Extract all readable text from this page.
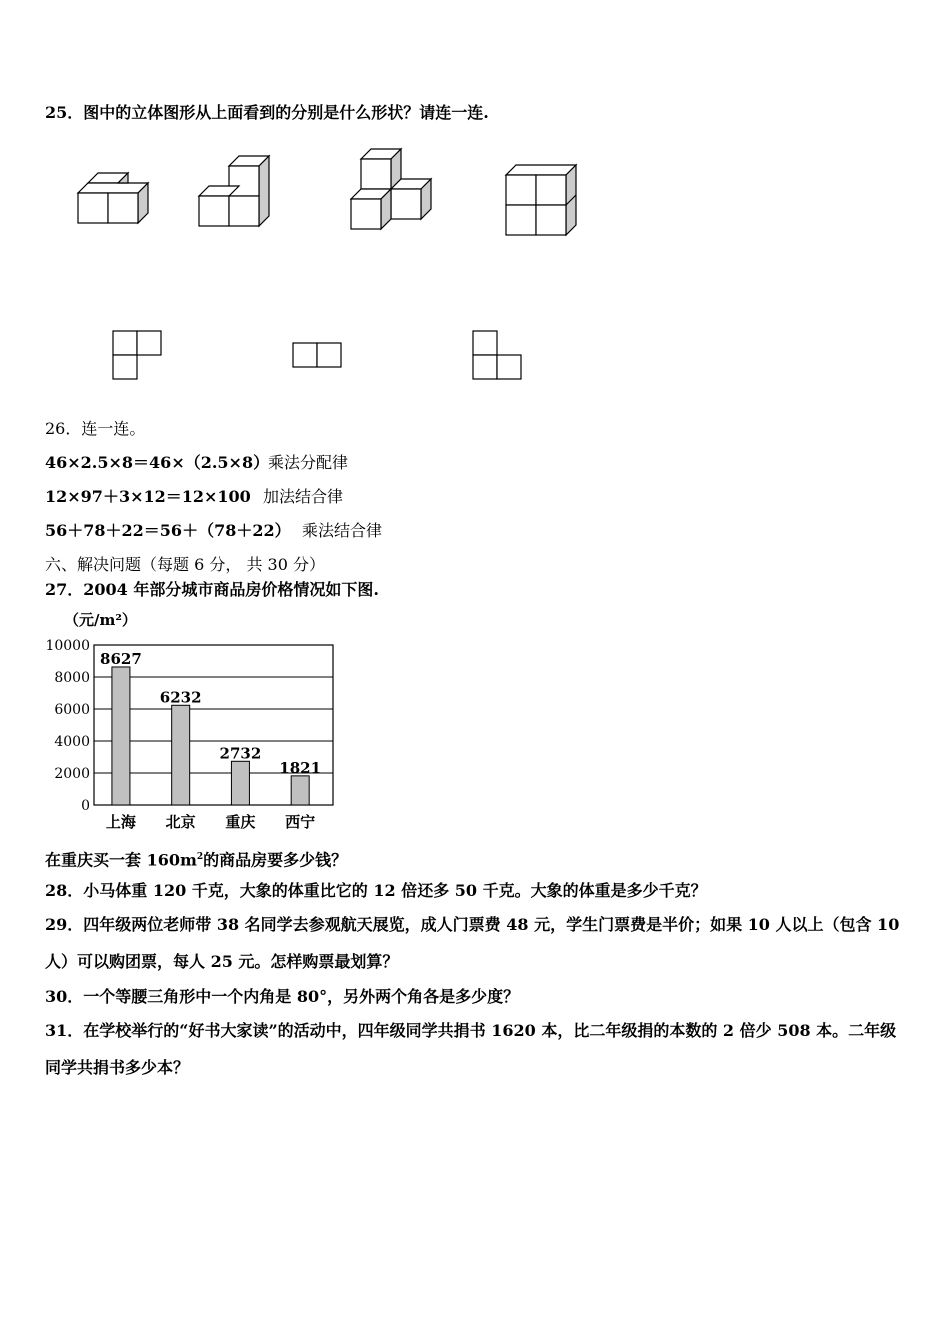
25．图中的立体图形从上面看到的分别是什么形状？请连一连.
26．连一连。
46×2.5×8＝46×（2.5×8）
乘法分配律
12×97＋3×12＝12×100 加法结合律
56＋78＋22＝56＋（78＋22） 乘法结合律
六、解决问题（每题 6 分， 共 30 分）
27．2004 年部分城市商品房价格情况如下图.
（元/m²）
0
2000
4000
6000
8000
10000
8627
上海
6232
北京
2732
重庆
1821
西宁
在重庆买一套 $160m^2$的商品房要多少钱？
28．小马体重 120 千克，大象的体重比它的 12 倍还多 50 千克。大象的体重是多少千克？
29．四年级两位老师带 38 名同学去参观航天展览，成人门票费 48 元，学生门票费是半价；如果 10 人以上（包含 10
人）可以购团票，每人 25 元。怎样购票最划算？
30．一个等腰三角形中一个内角是 80°，另外两个角各是多少度？
31．在学校举行的“好书大家读”的活动中，四年级同学共捐书 1620 本，比二年级捐的本数的 2 倍少 508 本。二年级
同学共捐书多少本？
